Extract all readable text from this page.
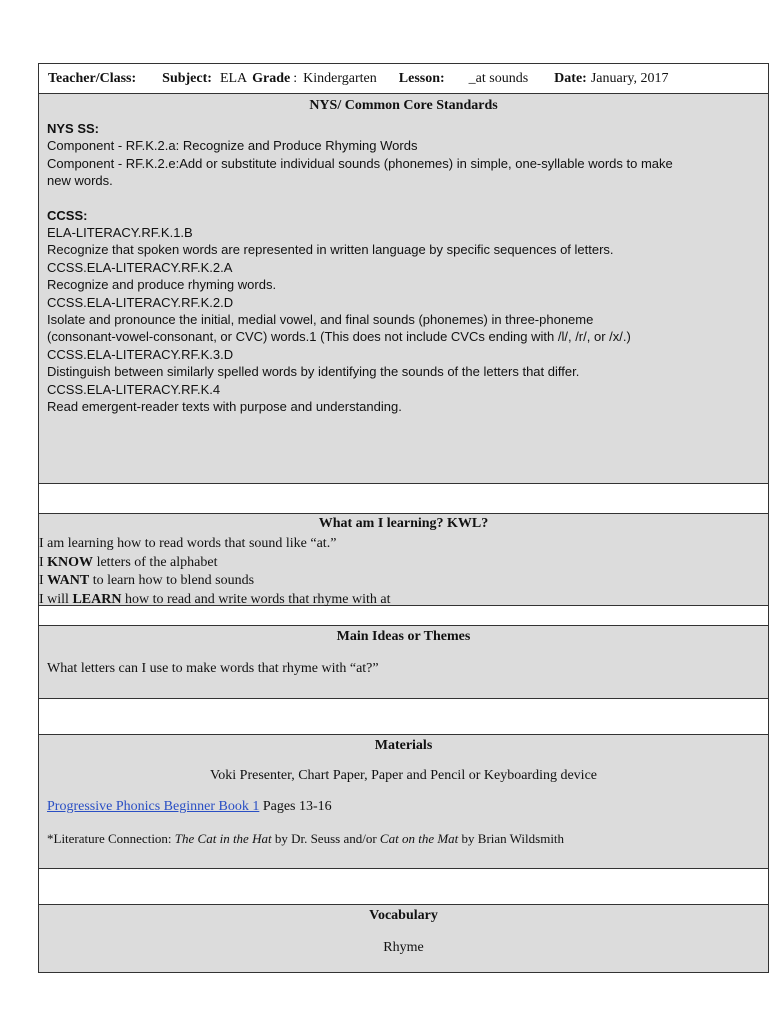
Teacher/Class: Subject: ELA Grade : Kindergarten Lesson: _at sounds Date: January, 2017
NYS/ Common Core Standards
NYS SS:
Component - RF.K.2.a: Recognize and Produce Rhyming Words
Component - RF.K.2.e:Add or substitute individual sounds (phonemes) in simple, one-syllable words to make
new words.
CCSS:
ELA-LITERACY.RF.K.1.B
Recognize that spoken words are represented in written language by specific sequences of letters.
CCSS.ELA-LITERACY.RF.K.2.A
Recognize and produce rhyming words.
CCSS.ELA-LITERACY.RF.K.2.D
Isolate and pronounce the initial, medial vowel, and final sounds (phonemes) in three-phoneme
(consonant-vowel-consonant, or CVC) words.1 (This does not include CVCs ending with /l/, /r/, or /x/.)
CCSS.ELA-LITERACY.RF.K.3.D
Distinguish between similarly spelled words by identifying the sounds of the letters that differ.
CCSS.ELA-LITERACY.RF.K.4
Read emergent-reader texts with purpose and understanding.
What am I learning? KWL?
I am learning how to read words that sound like “at.”
I KNOW letters of the alphabet
I WANT to learn how to blend sounds
I will LEARN how to read and write words that rhyme with at
Main Ideas or Themes
What letters can I use to make words that rhyme with “at?”
Materials
Voki Presenter, Chart Paper, Paper and Pencil or Keyboarding device
Progressive Phonics Beginner Book 1 Pages 13-16
*Literature Connection: The Cat in the Hat by Dr. Seuss and/or Cat on the Mat by Brian Wildsmith
Vocabulary
Rhyme
